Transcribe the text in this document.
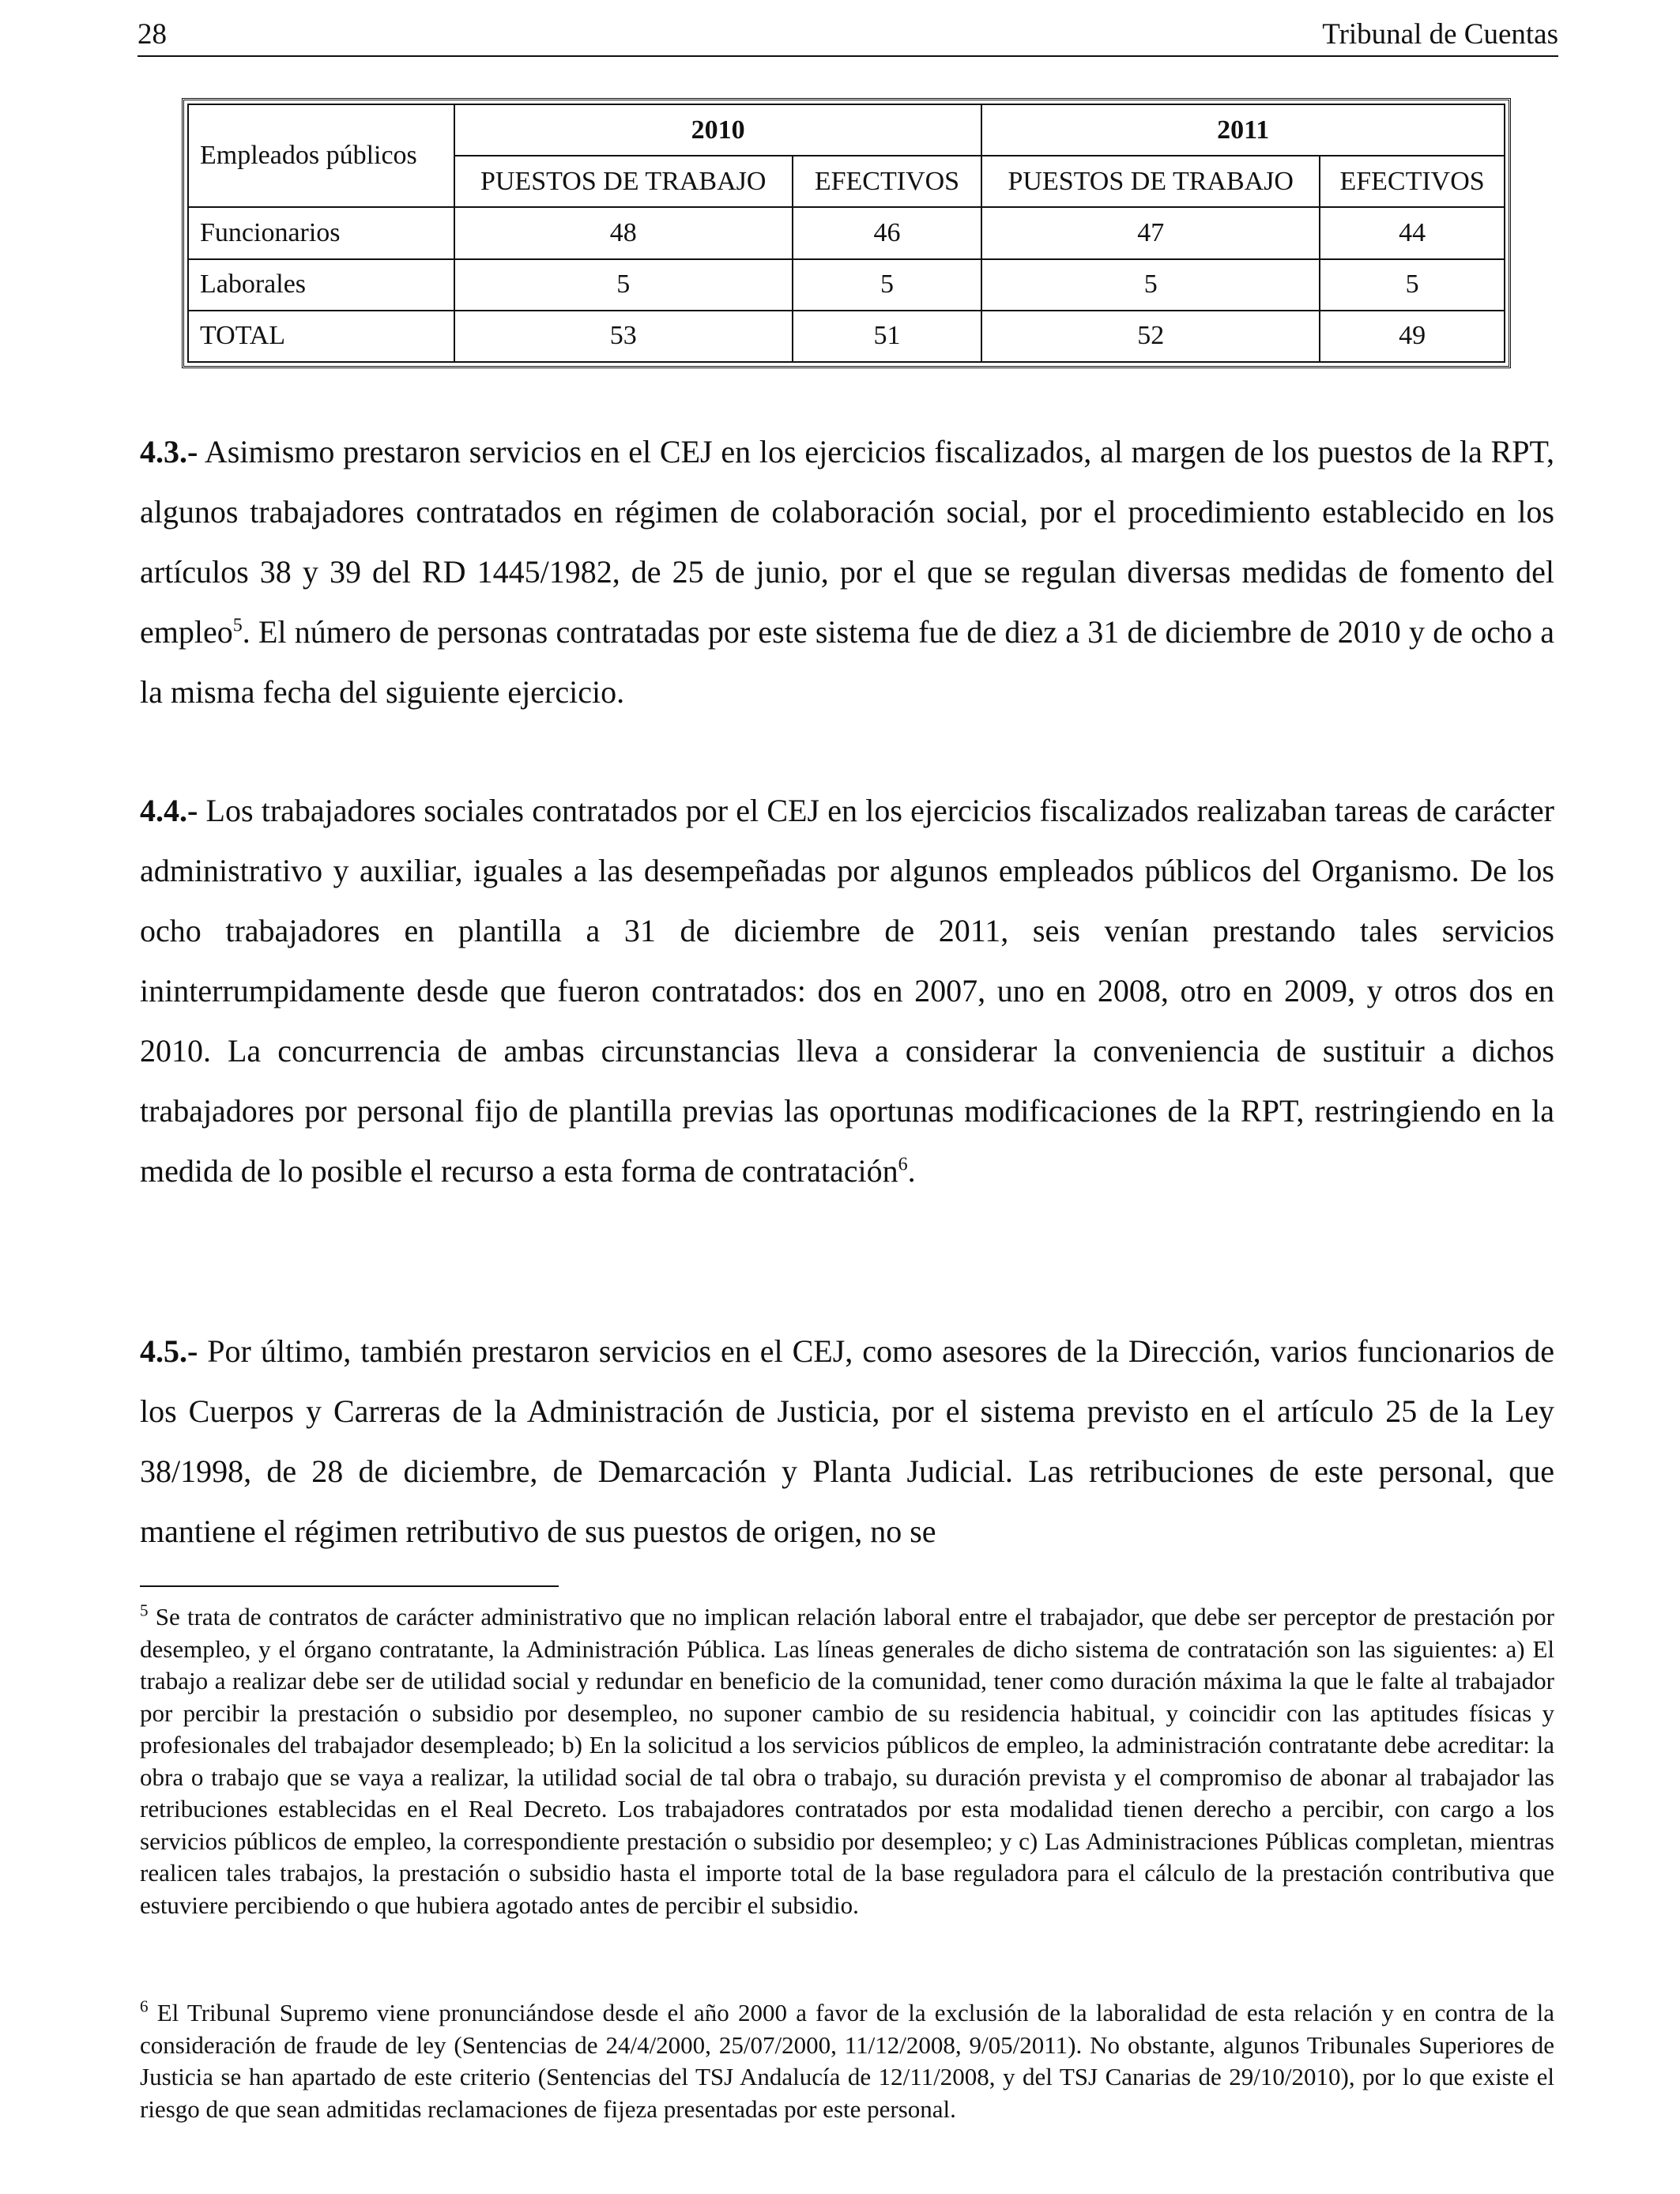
28	Tribunal de Cuentas
Empleados públicos	2010		2011	
	PUESTOS DE TRABAJO	EFECTIVOS	PUESTOS DE TRABAJO	EFECTIVOS
Funcionarios	48	46	47	44
Laborales	5	5	5	5
TOTAL	53	51	52	49

4.3.- Asimismo prestaron servicios en el CEJ en los ejercicios fiscalizados, al margen de los puestos de la RPT, algunos trabajadores contratados en régimen de colaboración social, por el procedimiento establecido en los artículos 38 y 39 del RD 1445/1982, de 25 de junio, por el que se regulan diversas medidas de fomento del empleo$^5$. El número de personas contratadas por este sistema fue de diez a 31 de diciembre de 2010 y de ocho a la misma fecha del siguiente ejercicio.

4.4.- Los trabajadores sociales contratados por el CEJ en los ejercicios fiscalizados realizaban tareas de carácter administrativo y auxiliar, iguales a las desempeñadas por algunos empleados públicos del Organismo. De los ocho trabajadores en plantilla a 31 de diciembre de 2011, seis venían prestando tales servicios ininterrumpidamente desde que fueron contratados: dos en 2007, uno en 2008, otro en 2009, y otros dos en 2010. La concurrencia de ambas circunstancias lleva a considerar la conveniencia de sustituir a dichos trabajadores por personal fijo de plantilla previas las oportunas modificaciones de la RPT, restringiendo en la medida de lo posible el recurso a esta forma de contratación$^6$.

4.5.- Por último, también prestaron servicios en el CEJ, como asesores de la Dirección, varios funcionarios de los Cuerpos y Carreras de la Administración de Justicia, por el sistema previsto en el artículo 25 de la Ley 38/1998, de 28 de diciembre, de Demarcación y Planta Judicial. Las retribuciones de este personal, que mantiene el régimen retributivo de sus puestos de origen, no se

$^5$ Se trata de contratos de carácter administrativo que no implican relación laboral entre el trabajador, que debe ser perceptor de prestación por desempleo, y el órgano contratante, la Administración Pública. Las líneas generales de dicho sistema de contratación son las siguientes: a) El trabajo a realizar debe ser de utilidad social y redundar en beneficio de la comunidad, tener como duración máxima la que le falte al trabajador por percibir la prestación o subsidio por desempleo, no suponer cambio de su residencia habitual, y coincidir con las aptitudes físicas y profesionales del trabajador desempleado; b) En la solicitud a los servicios públicos de empleo, la administración contratante debe acreditar: la obra o trabajo que se vaya a realizar, la utilidad social de tal obra o trabajo, su duración prevista y el compromiso de abonar al trabajador las retribuciones establecidas en el Real Decreto. Los trabajadores contratados por esta modalidad tienen derecho a percibir, con cargo a los servicios públicos de empleo, la correspondiente prestación o subsidio por desempleo; y c) Las Administraciones Públicas completan, mientras realicen tales trabajos, la prestación o subsidio hasta el importe total de la base reguladora para el cálculo de la prestación contributiva que estuviere percibiendo o que hubiera agotado antes de percibir el subsidio.

$^6$ El Tribunal Supremo viene pronunciándose desde el año 2000 a favor de la exclusión de la laboralidad de esta relación y en contra de la consideración de fraude de ley (Sentencias de 24/4/2000, 25/07/2000, 11/12/2008, 9/05/2011). No obstante, algunos Tribunales Superiores de Justicia se han apartado de este criterio (Sentencias del TSJ Andalucía de 12/11/2008, y del TSJ Canarias de 29/10/2010), por lo que existe el riesgo de que sean admitidas reclamaciones de fijeza presentadas por este personal.
